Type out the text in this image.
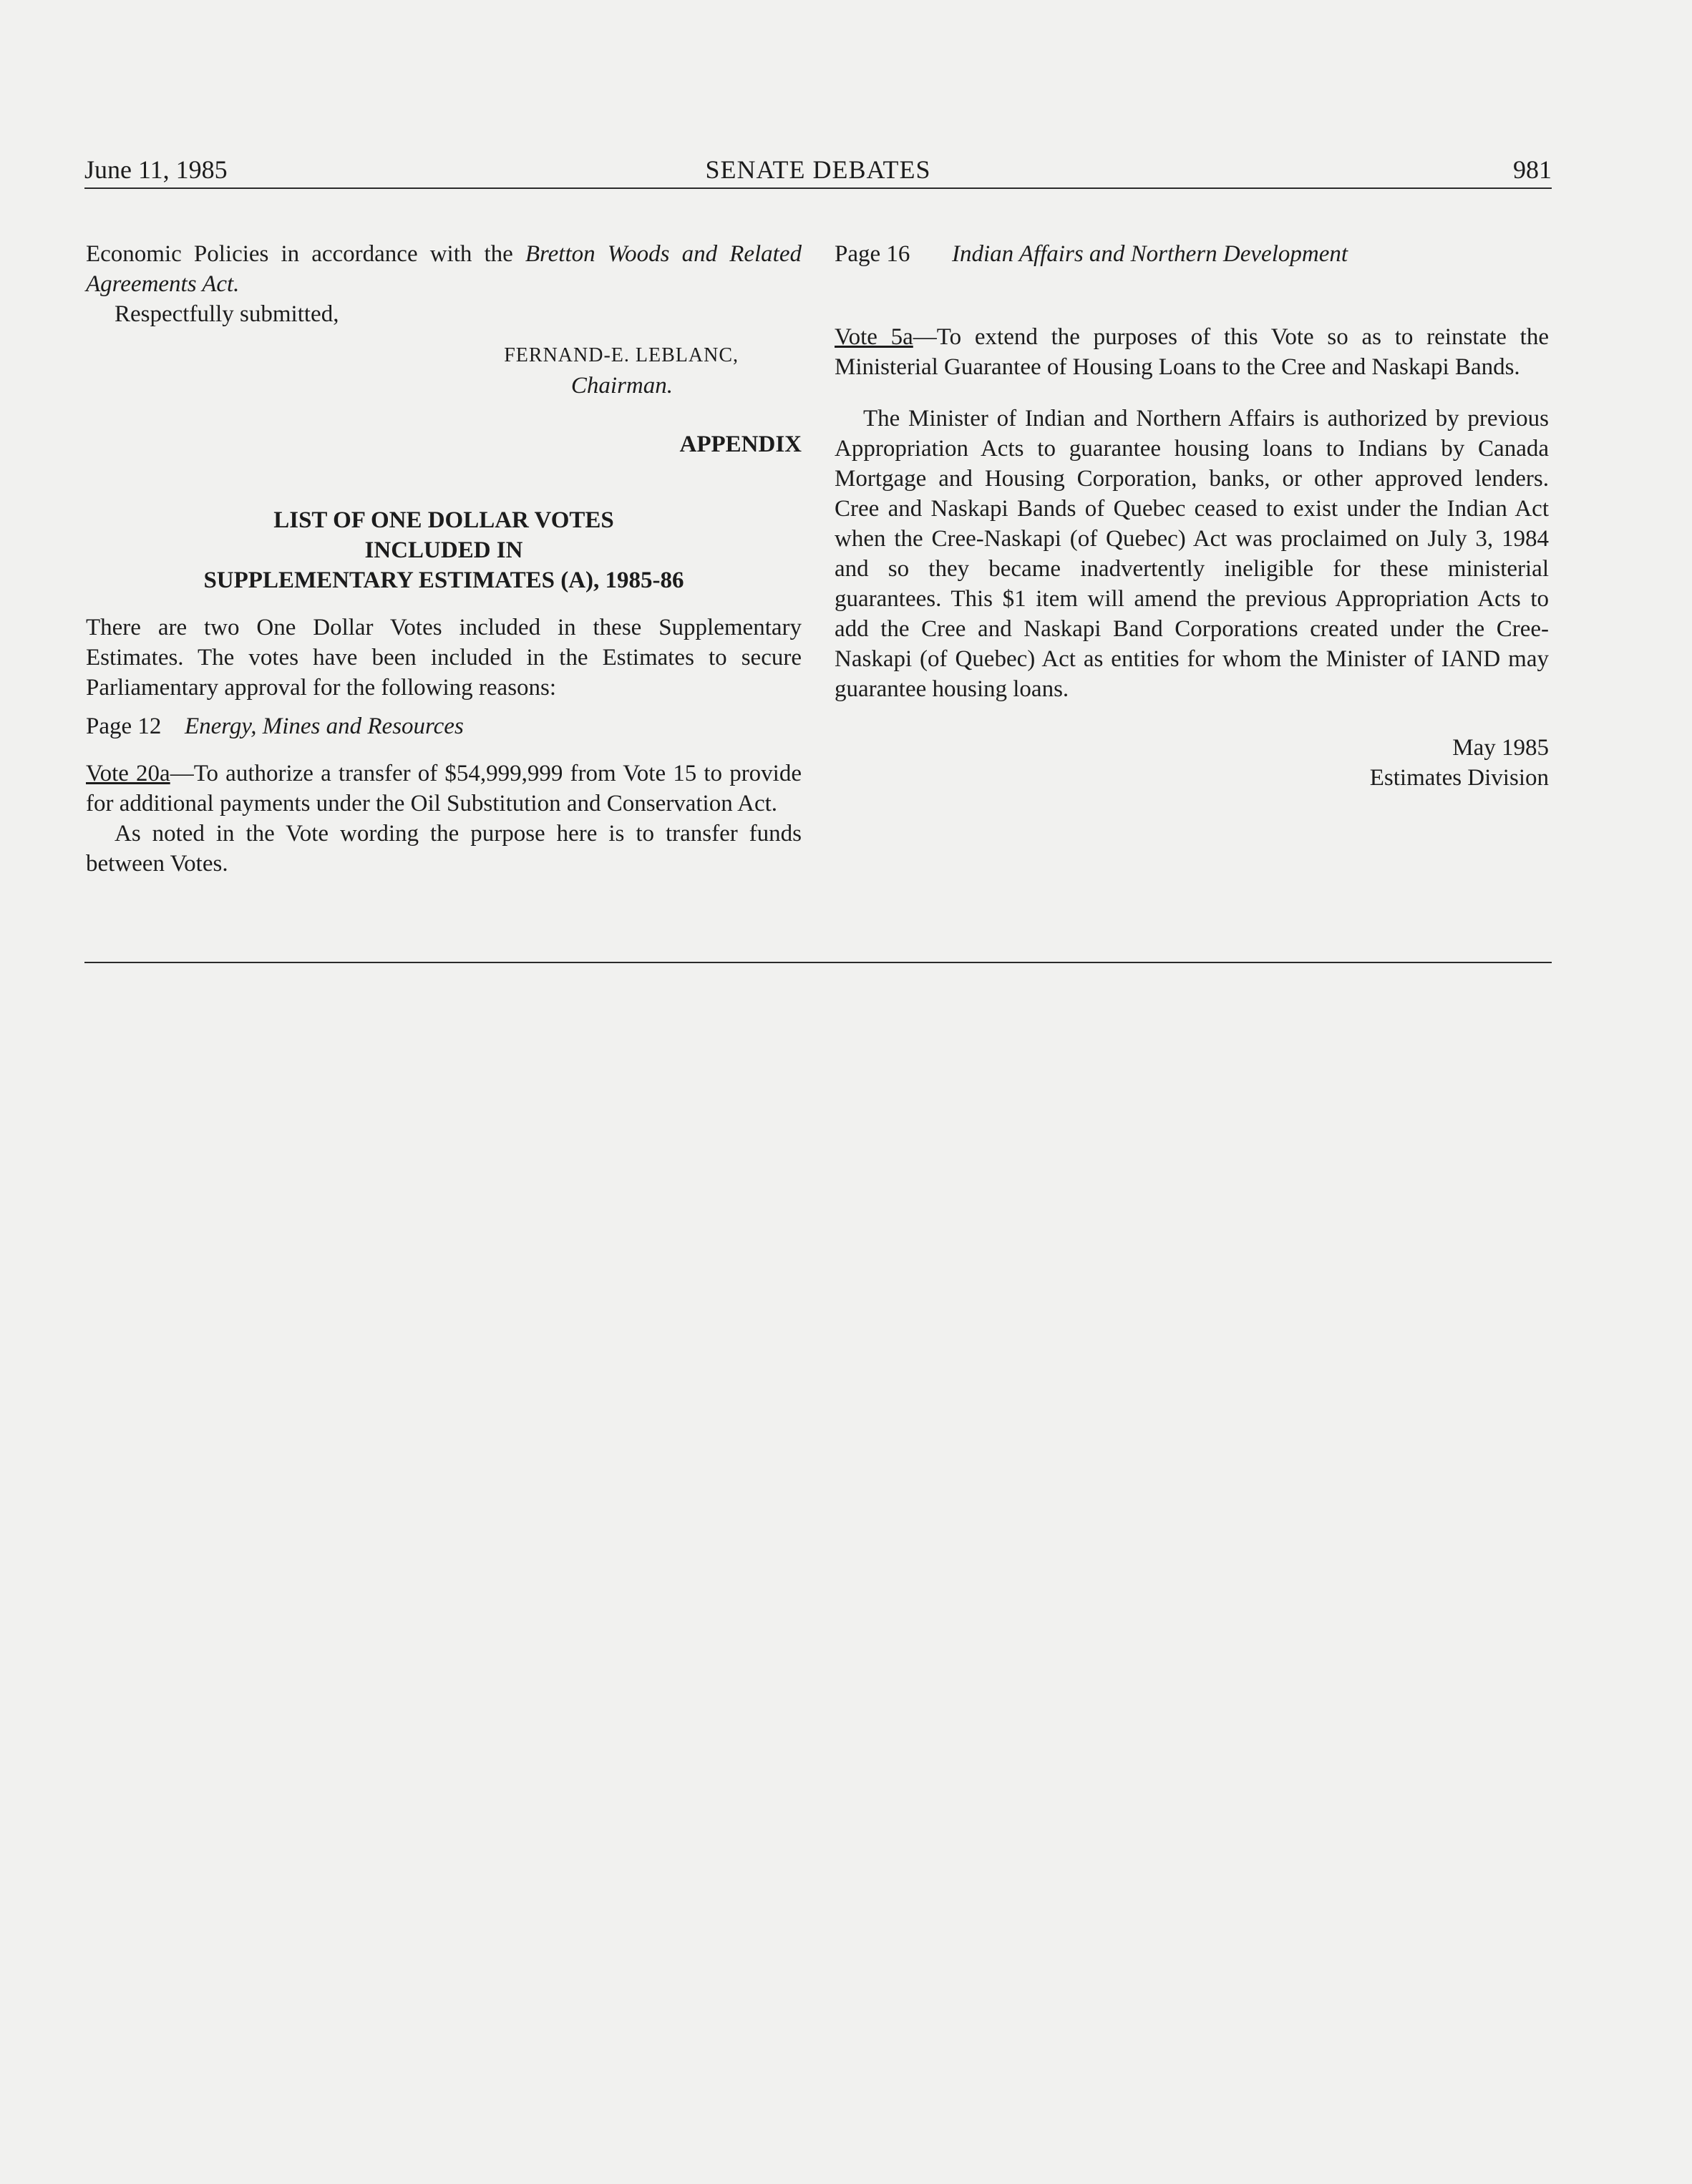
June 11, 1985	SENATE DEBATES	981

Economic Policies in accordance with the Bretton Woods and Related Agreements Act.

Respectfully submitted,

FERNAND-E. LEBLANC,

Chairman.

APPENDIX

LIST OF ONE DOLLAR VOTES
INCLUDED IN
SUPPLEMENTARY ESTIMATES (A), 1985-86

There are two One Dollar Votes included in these Supplementary Estimates. The votes have been included in the Estimates to secure Parliamentary approval for the following reasons:

Page 12 Energy, Mines and Resources

Vote 20a—To authorize a transfer of $54,999,999 from Vote 15 to provide for additional payments under the Oil Substitution and Conservation Act.

As noted in the Vote wording the purpose here is to transfer funds between Votes.

Page 16 Indian Affairs and Northern Development

Vote 5a—To extend the purposes of this Vote so as to reinstate the Ministerial Guarantee of Housing Loans to the Cree and Naskapi Bands.

The Minister of Indian and Northern Affairs is authorized by previous Appropriation Acts to guarantee housing loans to Indians by Canada Mortgage and Housing Corporation, banks, or other approved lenders. Cree and Naskapi Bands of Quebec ceased to exist under the Indian Act when the Cree-Naskapi (of Quebec) Act was proclaimed on July 3, 1984 and so they became inadvertently ineligible for these ministerial guarantees. This $1 item will amend the previous Appropriation Acts to add the Cree and Naskapi Band Corporations created under the Cree-Naskapi (of Quebec) Act as entities for whom the Minister of IAND may guarantee housing loans.

May 1985
Estimates Division
